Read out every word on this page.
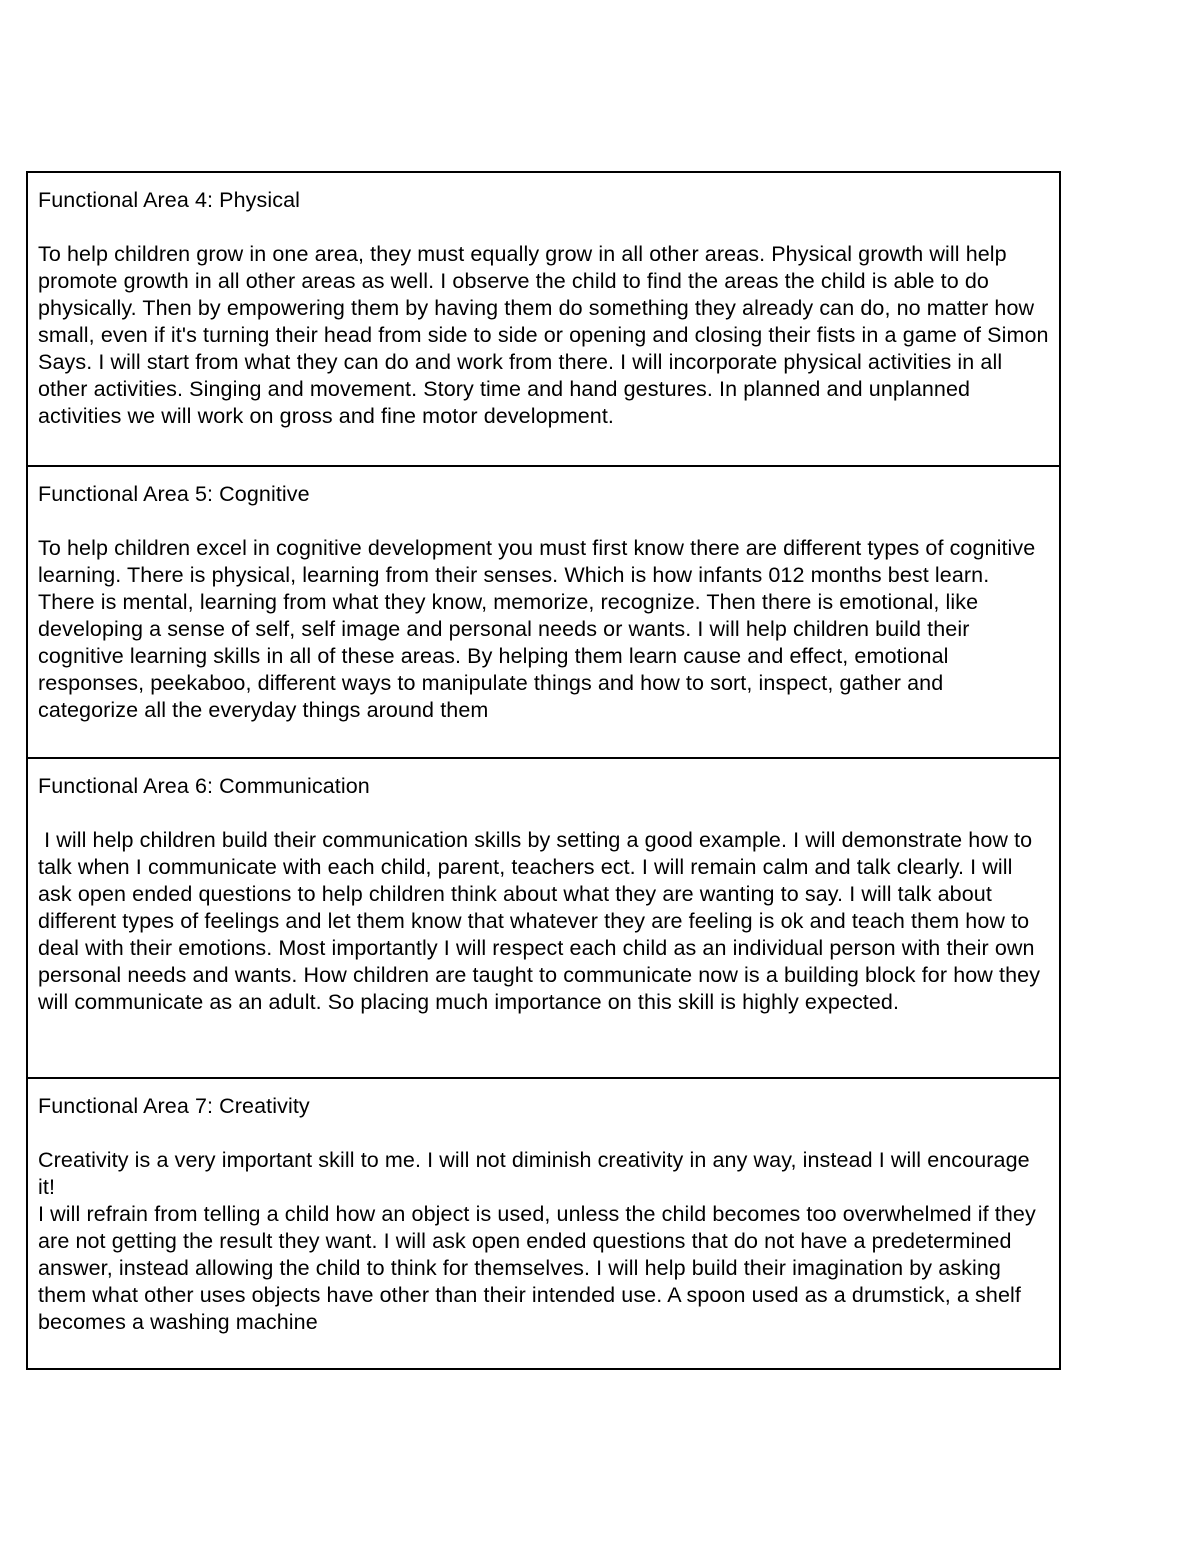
Functional Area 4: Physical
To help children grow in one area, they must equally grow in all other areas. Physical growth will help promote growth in all other areas as well. I observe the child to find the areas the child is able to do physically. Then by empowering them by having them do something they already can do, no matter how small, even if it's turning their head from side to side or opening and closing their fists in a game of Simon Says. I will start from what they can do and work from there. I will incorporate physical activities in all other activities. Singing and movement. Story time and hand gestures. In planned and unplanned activities we will work on gross and fine motor development.

Functional Area 5: Cognitive
To help children excel in cognitive development you must first know there are different types of cognitive learning. There is physical, learning from their senses. Which is how infants 012 months best learn. There is mental, learning from what they know, memorize, recognize. Then there is emotional, like developing a sense of self, self image and personal needs or wants. I will help children build their cognitive learning skills in all of these areas. By helping them learn cause and effect, emotional responses, peekaboo, different ways to manipulate things and how to sort, inspect, gather and categorize all the everyday things around them

Functional Area 6: Communication
I will help children build their communication skills by setting a good example. I will demonstrate how to talk when I communicate with each child, parent, teachers ect. I will remain calm and talk clearly. I will ask open ended questions to help children think about what they are wanting to say. I will talk about different types of feelings and let them know that whatever they are feeling is ok and teach them how to deal with their emotions. Most importantly I will respect each child as an individual person with their own personal needs and wants. How children are taught to communicate now is a building block for how they will communicate as an adult. So placing much importance on this skill is highly expected.

Functional Area 7: Creativity
Creativity is a very important skill to me. I will not diminish creativity in any way, instead I will encourage it!
I will refrain from telling a child how an object is used, unless the child becomes too overwhelmed if they are not getting the result they want. I will ask open ended questions that do not have a predetermined answer, instead allowing the child to think for themselves. I will help build their imagination by asking them what other uses objects have other than their intended use. A spoon used as a drumstick, a shelf becomes a washing machine
